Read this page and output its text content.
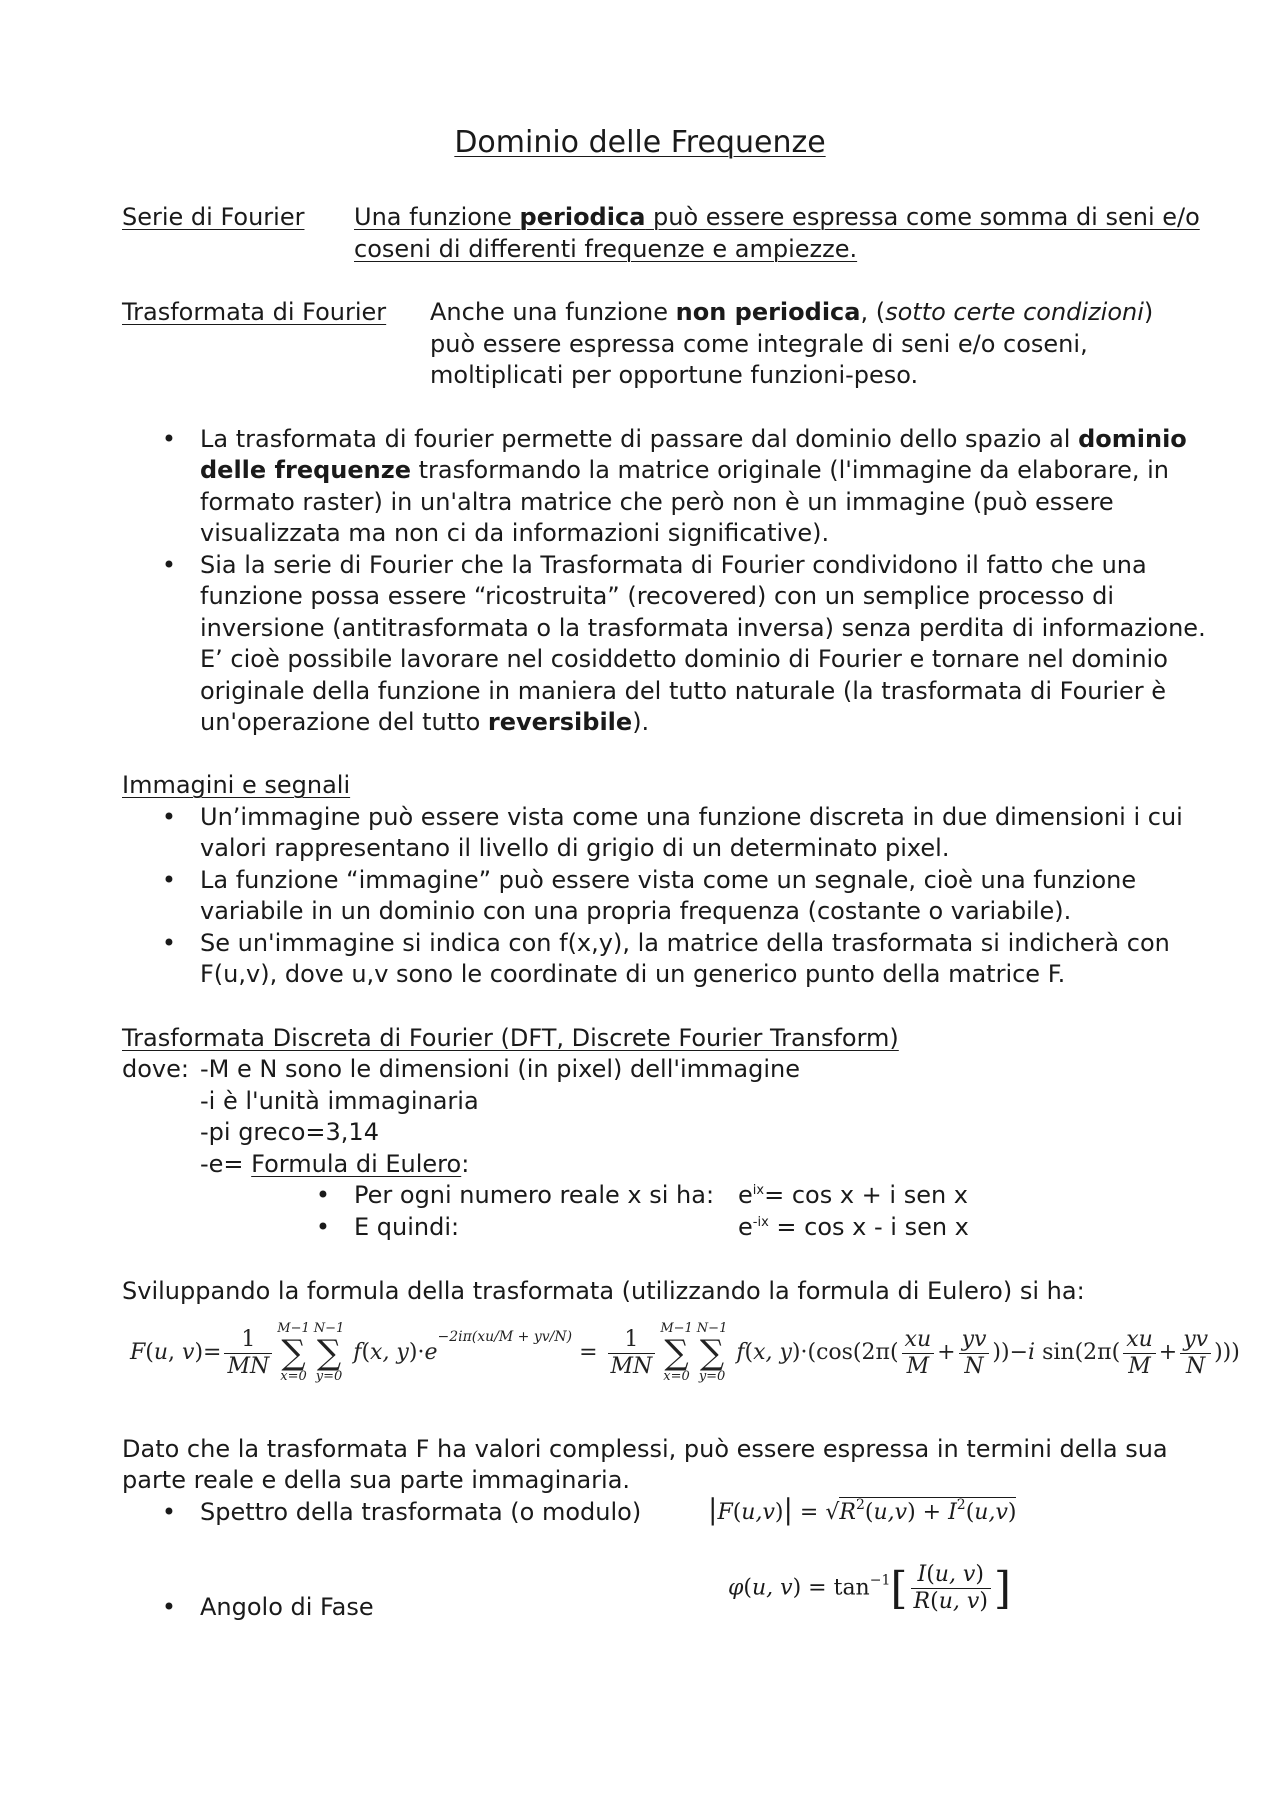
Dominio delle Frequenze
Serie di Fourier Una funzione periodica può essere espressa come somma di seni e/o
coseni di differenti frequenze e ampiezze.
Trasformata di Fourier Anche una funzione non periodica, (sotto certe condizioni)
può essere espressa come integrale di seni e/o coseni,
moltiplicati per opportune funzioni-peso.
• La trasformata di fourier permette di passare dal dominio dello spazio al dominio
delle frequenze trasformando la matrice originale (l'immagine da elaborare, in
formato raster) in un'altra matrice che però non è un immagine (può essere
visualizzata ma non ci da informazioni significative).
• Sia la serie di Fourier che la Trasformata di Fourier condividono il fatto che una
funzione possa essere “ricostruita” (recovered) con un semplice processo di
inversione (antitrasformata o la trasformata inversa) senza perdita di informazione.
E’ cioè possibile lavorare nel cosiddetto dominio di Fourier e tornare nel dominio
originale della funzione in maniera del tutto naturale (la trasformata di Fourier è
un'operazione del tutto reversibile).
Immagini e segnali
• Un’immagine può essere vista come una funzione discreta in due dimensioni i cui
valori rappresentano il livello di grigio di un determinato pixel.
• La funzione “immagine” può essere vista come un segnale, cioè una funzione
variabile in un dominio con una propria frequenza (costante o variabile).
• Se un'immagine si indica con f(x,y), la matrice della trasformata si indicherà con
F(u,v), dove u,v sono le coordinate di un generico punto della matrice F.
Trasformata Discreta di Fourier (DFT, Discrete Fourier Transform)
dove: -M e N sono le dimensioni (in pixel) dell'immagine
-i è l'unità immaginaria
-pi greco=3,14
-e= Formula di Eulero:
• Per ogni numero reale x si ha: $e^{ix}= \cos x + i$ sen x
• E quindi:	$e^{-ix} = \cos x - i$ sen x
Sviluppando la formula della trasformata (utilizzando la formula di Eulero) si ha:
F(u, $v)= \frac{1}{MN} M-1$
∑
x=0
N−1
∑
y=0
f(x, $y)\cdot e^{-2i\pi(xu/M + yv/N)} = \frac{1}{MN} M-1$
∑
x=0
N−1
∑
y=0
f(x, $y)\cdot(\cos(2\pi( \frac{xu}{M} + \frac{yv}{N} ))-i$ $\sin(2\pi( \frac{xu}{M} + \frac{yv}{N}$ )))
Dato che la trasformata F ha valori complessi, può essere espressa in termini della sua
parte reale e della sua parte immaginaria.
• Spettro della trasformata (o modulo) $|F(u,v)| = √R^2(u,v) + I^2(u,v)$
• Angolo di Fase
φ(u, $v) = \tan^{-1}[ \frac{I(u, v)}{R(u, v)}$ ]
